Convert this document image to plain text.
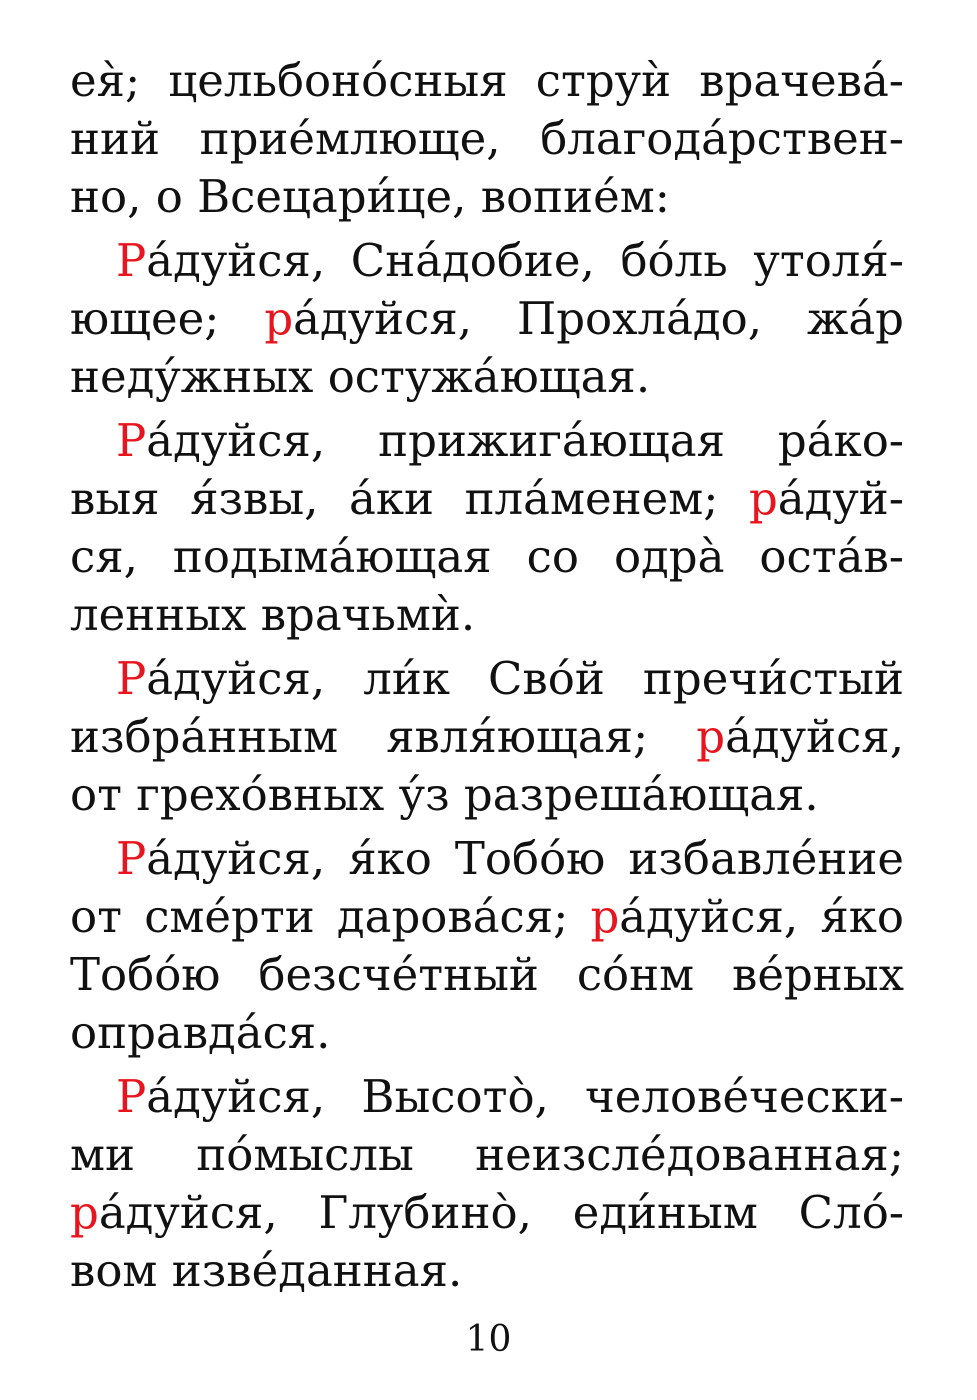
ея̀; цельбоно́сныя струѝ врачева́-
ний прие́млюще, благода́рствен-
но, о Всецари́це, вопие́м:
Ра́дуйся, Сна́добие, бо́ль утоля́-
ющее; ра́дуйся, Прохла́до, жа́р
неду́жных остужа́ющая.
Ра́дуйся, прижига́ющая ра́ко-
выя я́звы, а́ки пла́менем; ра́дуй-
ся, подыма́ющая со одра̀ оста́в-
ленных врачьмѝ.
Ра́дуйся, ли́к Сво́й пречи́стый
избра́нным явля́ющая; ра́дуйся,
от грехо́вных у́з разреша́ющая.
Ра́дуйся, я́ко Тобо́ю избавле́ние
от сме́рти дарова́ся; ра́дуйся, я́ко
Тобо́ю безсче́тный со́нм ве́рных
оправда́ся.
Ра́дуйся, Высото̀, челове́чески-
ми по́мыслы неизсле́дованная;
ра́дуйся, Глубино̀, еди́ным Сло́-
вом изве́данная.
10
